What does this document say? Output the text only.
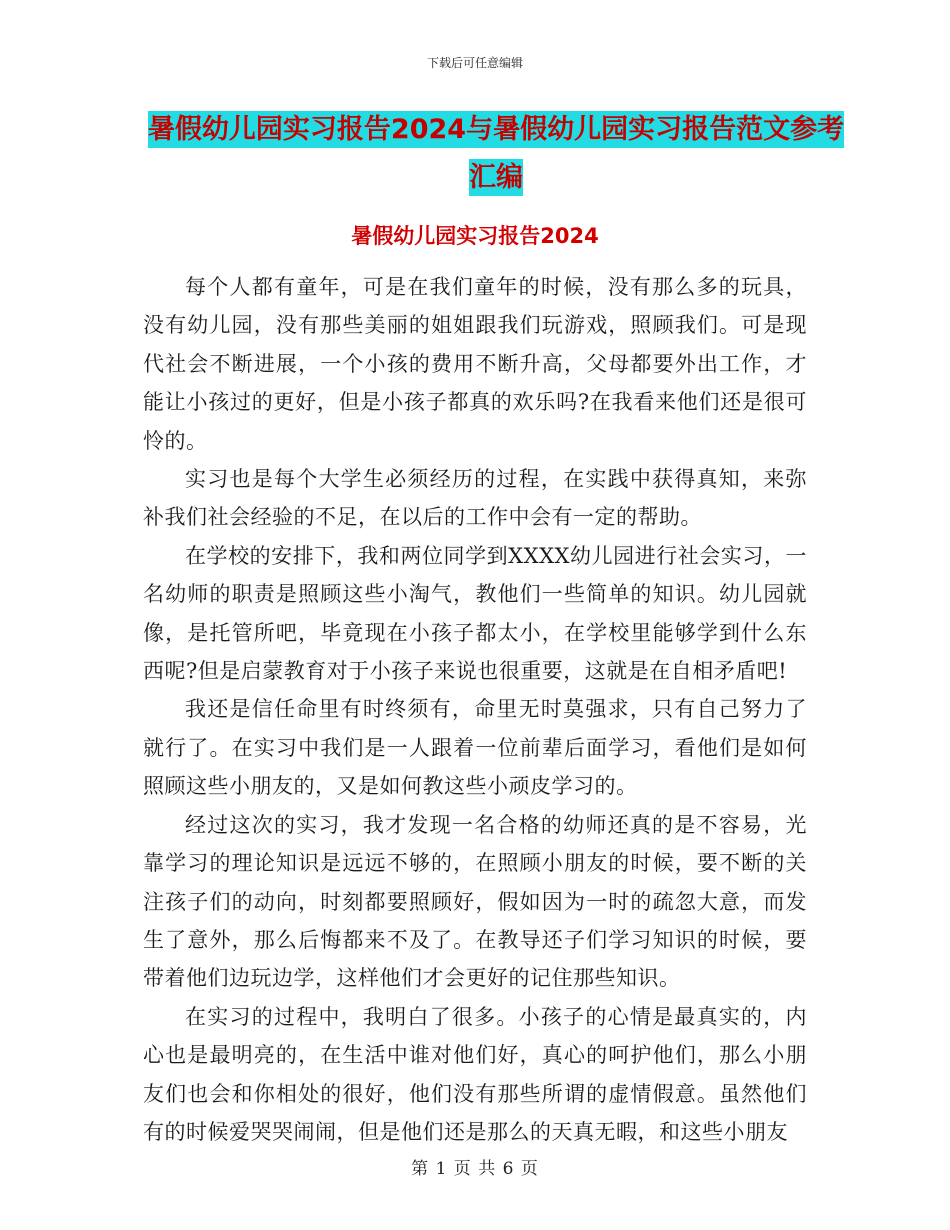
下载后可任意编辑
暑假幼儿园实习报告2024与暑假幼儿园实习报告范文参考汇编
暑假幼儿园实习报告2024

每个人都有童年，可是在我们童年的时候，没有那么多的玩具，没有幼儿园，没有那些美丽的姐姐跟我们玩游戏，照顾我们。可是现代社会不断进展，一个小孩的费用不断升高，父母都要外出工作，才能让小孩过的更好，但是小孩子都真的欢乐吗?在我看来他们还是很可怜的。

实习也是每个大学生必须经历的过程，在实践中获得真知，来弥补我们社会经验的不足，在以后的工作中会有一定的帮助。

在学校的安排下，我和两位同学到XXXX幼儿园进行社会实习，一名幼师的职责是照顾这些小淘气，教他们一些简单的知识。幼儿园就像，是托管所吧，毕竟现在小孩子都太小，在学校里能够学到什么东西呢?但是启蒙教育对于小孩子来说也很重要，这就是在自相矛盾吧!

我还是信任命里有时终须有，命里无时莫强求，只有自己努力了就行了。在实习中我们是一人跟着一位前辈后面学习，看他们是如何照顾这些小朋友的，又是如何教这些小顽皮学习的。

经过这次的实习，我才发现一名合格的幼师还真的是不容易，光靠学习的理论知识是远远不够的，在照顾小朋友的时候，要不断的关注孩子们的动向，时刻都要照顾好，假如因为一时的疏忽大意，而发生了意外，那么后悔都来不及了。在教导还子们学习知识的时候，要带着他们边玩边学，这样他们才会更好的记住那些知识。

在实习的过程中，我明白了很多。小孩子的心情是最真实的，内心也是最明亮的，在生活中谁对他们好，真心的呵护他们，那么小朋友们也会和你相处的很好，他们没有那些所谓的虚情假意。虽然他们有的时候爱哭哭闹闹，但是他们还是那么的天真无暇，和这些小朋友

第 1 页 共 6 页
